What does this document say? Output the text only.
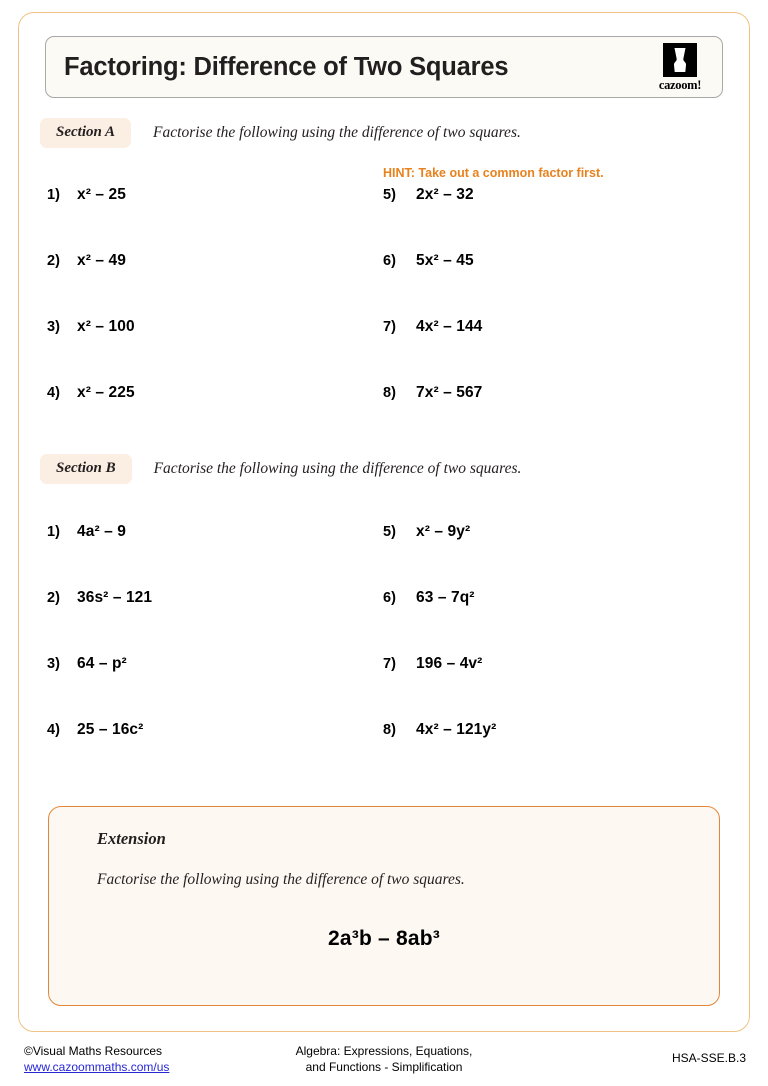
Factoring: Difference of Two Squares
cazoom!
Section A	Factorise the following using the difference of two squares.
HINT: Take out a common factor first.
1)	x² – 25	5)	2x² – 32
2)	x² – 49	6)	5x² – 45
3)	x² – 100	7)	4x² – 144
4)	x² – 225	8)	7x² – 567
Section B	Factorise the following using the difference of two squares.
1)	4a² – 9	5)	x² – 9y²
2)	36s² – 121	6)	63 – 7q²
3)	64 – p²	7)	196 – 4v²
4)	25 – 16c²	8)	4x² – 121y²
Extension
Factorise the following using the difference of two squares.
2a³b – 8ab³
©Visual Maths Resources
www.cazoommaths.com/us
Algebra: Expressions, Equations,
and Functions - Simplification
HSA-SSE.B.3
